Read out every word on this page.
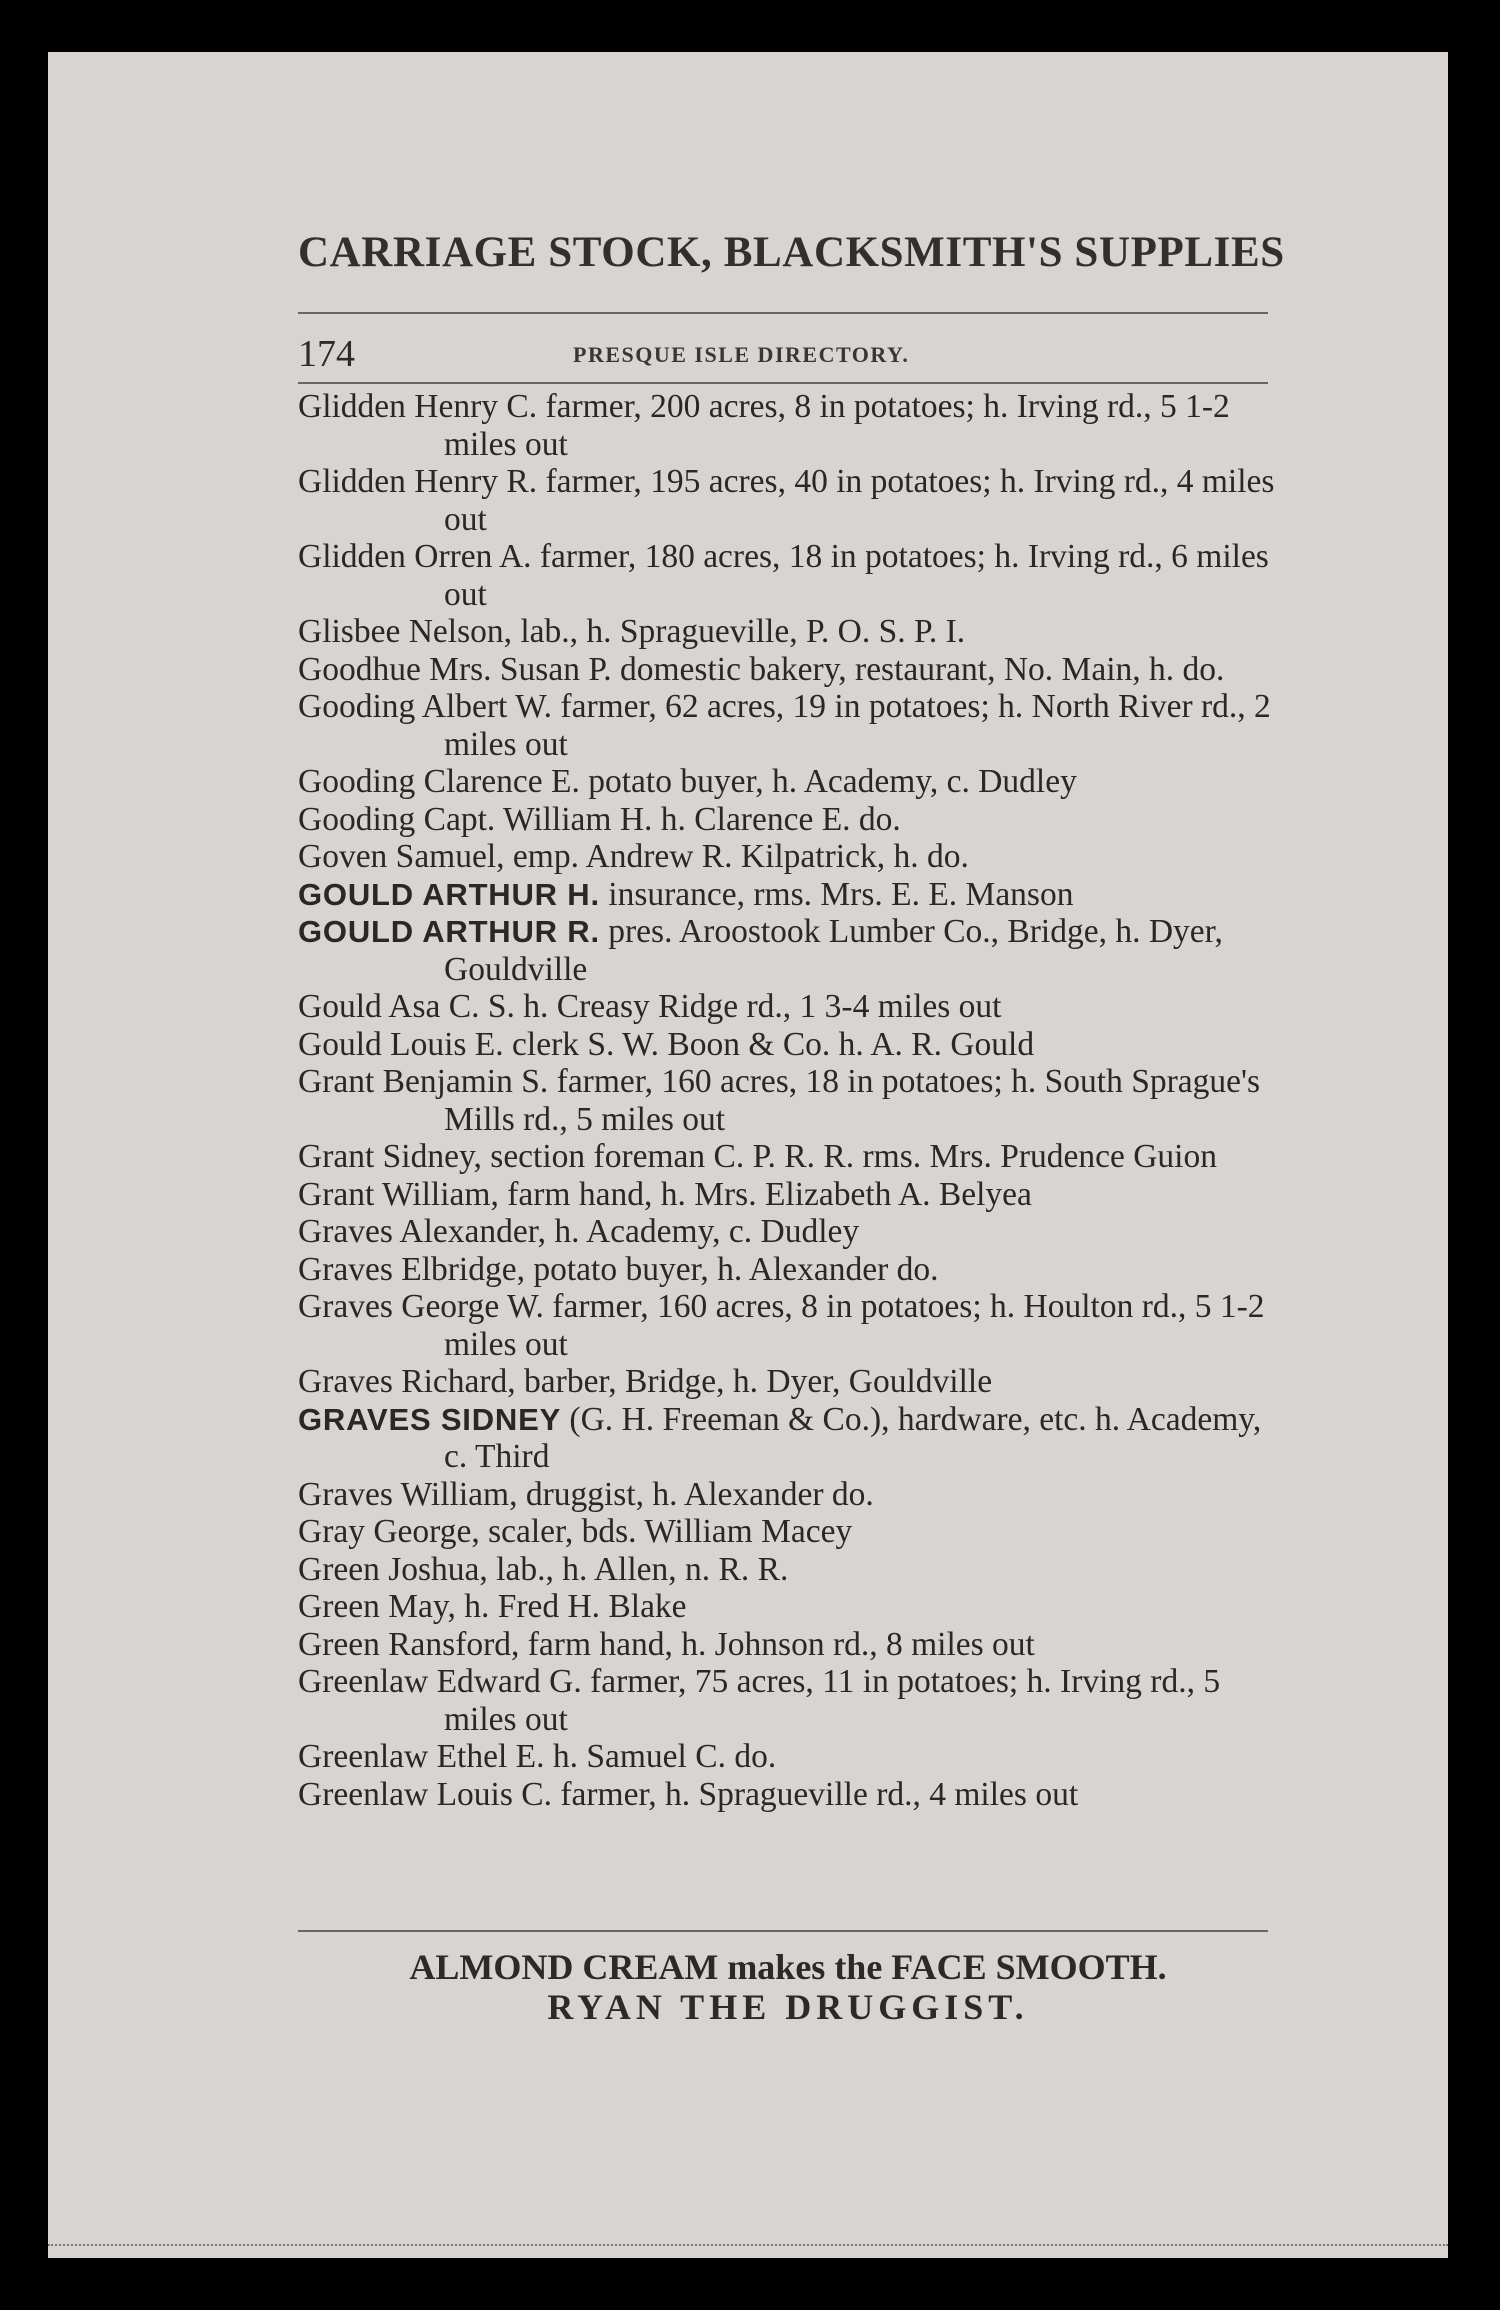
CARRIAGE STOCK, BLACKSMITH'S SUPPLIES
174	PRESQUE ISLE DIRECTORY.
Glidden Henry C. farmer, 200 acres, 8 in potatoes; h. Irving rd., 5 1-2 miles out
Glidden Henry R. farmer, 195 acres, 40 in potatoes; h. Irving rd., 4 miles out
Glidden Orren A. farmer, 180 acres, 18 in potatoes; h. Irving rd., 6 miles out
Glisbee Nelson, lab., h. Spragueville, P. O. S. P. I.
Goodhue Mrs. Susan P. domestic bakery, restaurant, No. Main, h. do.
Gooding Albert W. farmer, 62 acres, 19 in potatoes; h. North River rd., 2 miles out
Gooding Clarence E. potato buyer, h. Academy, c. Dudley
Gooding Capt. William H. h. Clarence E. do.
Goven Samuel, emp. Andrew R. Kilpatrick, h. do.
GOULD ARTHUR H. insurance, rms. Mrs. E. E. Manson
GOULD ARTHUR R. pres. Aroostook Lumber Co., Bridge, h. Dyer, Gouldville
Gould Asa C. S. h. Creasy Ridge rd., 1 3-4 miles out
Gould Louis E. clerk S. W. Boon & Co. h. A. R. Gould
Grant Benjamin S. farmer, 160 acres, 18 in potatoes; h. South Sprague's Mills rd., 5 miles out
Grant Sidney, section foreman C. P. R. R. rms. Mrs. Prudence Guion
Grant William, farm hand, h. Mrs. Elizabeth A. Belyea
Graves Alexander, h. Academy, c. Dudley
Graves Elbridge, potato buyer, h. Alexander do.
Graves George W. farmer, 160 acres, 8 in potatoes; h. Houlton rd., 5 1-2 miles out
Graves Richard, barber, Bridge, h. Dyer, Gouldville
GRAVES SIDNEY (G. H. Freeman & Co.), hardware, etc. h. Academy, c. Third
Graves William, druggist, h. Alexander do.
Gray George, scaler, bds. William Macey
Green Joshua, lab., h. Allen, n. R. R.
Green May, h. Fred H. Blake
Green Ransford, farm hand, h. Johnson rd., 8 miles out
Greenlaw Edward G. farmer, 75 acres, 11 in potatoes; h. Irving rd., 5 miles out
Greenlaw Ethel E. h. Samuel C. do.
Greenlaw Louis C. farmer, h. Spragueville rd., 4 miles out
ALMOND CREAM makes the FACE SMOOTH.
RYAN THE DRUGGIST.
